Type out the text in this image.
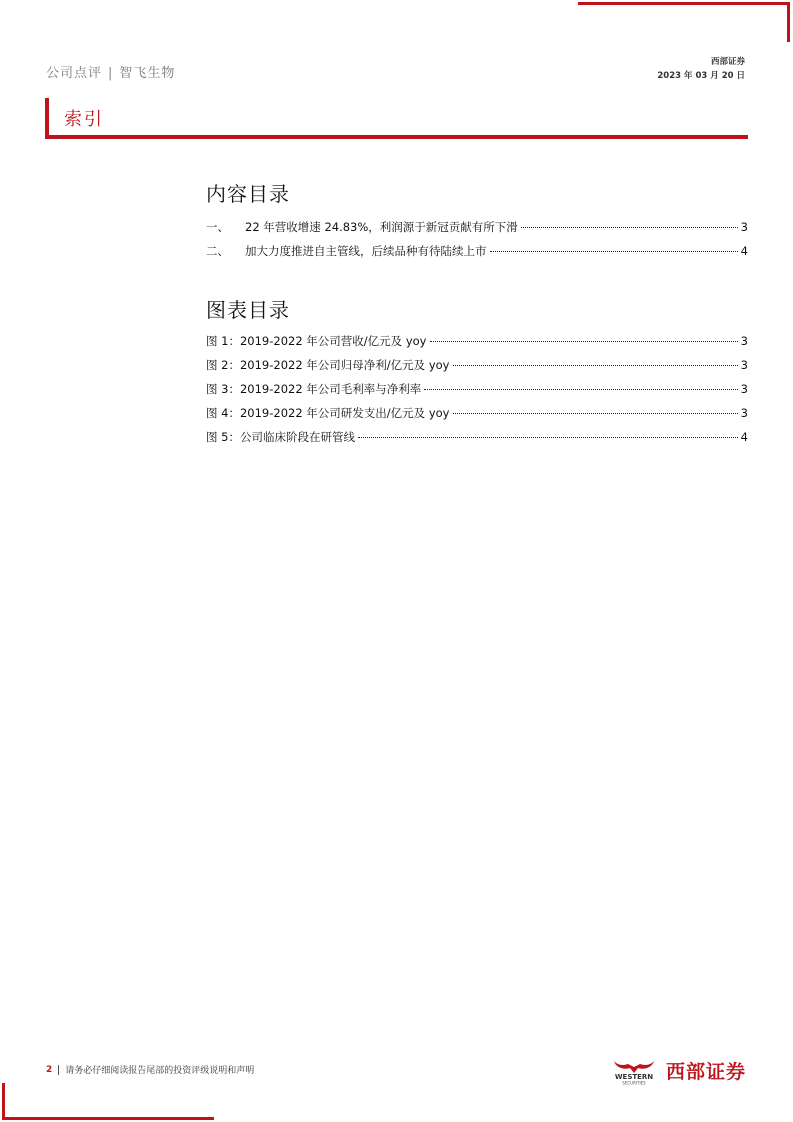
公司点评 | 智飞生物
西部证券
2023 年 03 月 20 日
索引
内容目录
一、 22 年营收增速 24.83%，利润源于新冠贡献有所下滑	3
二、 加大力度推进自主管线，后续品种有待陆续上市	4
图表目录
图 1：2019-2022 年公司营收/亿元及 yoy	3
图 2：2019-2022 年公司归母净利/亿元及 yoy	3
图 3：2019-2022 年公司毛利率与净利率	3
图 4：2019-2022 年公司研发支出/亿元及 yoy	3
图 5：公司临床阶段在研管线	4
2 请务必仔细阅读报告尾部的投资评级说明和声明
WESTERN
SECURITIES
西部证券
